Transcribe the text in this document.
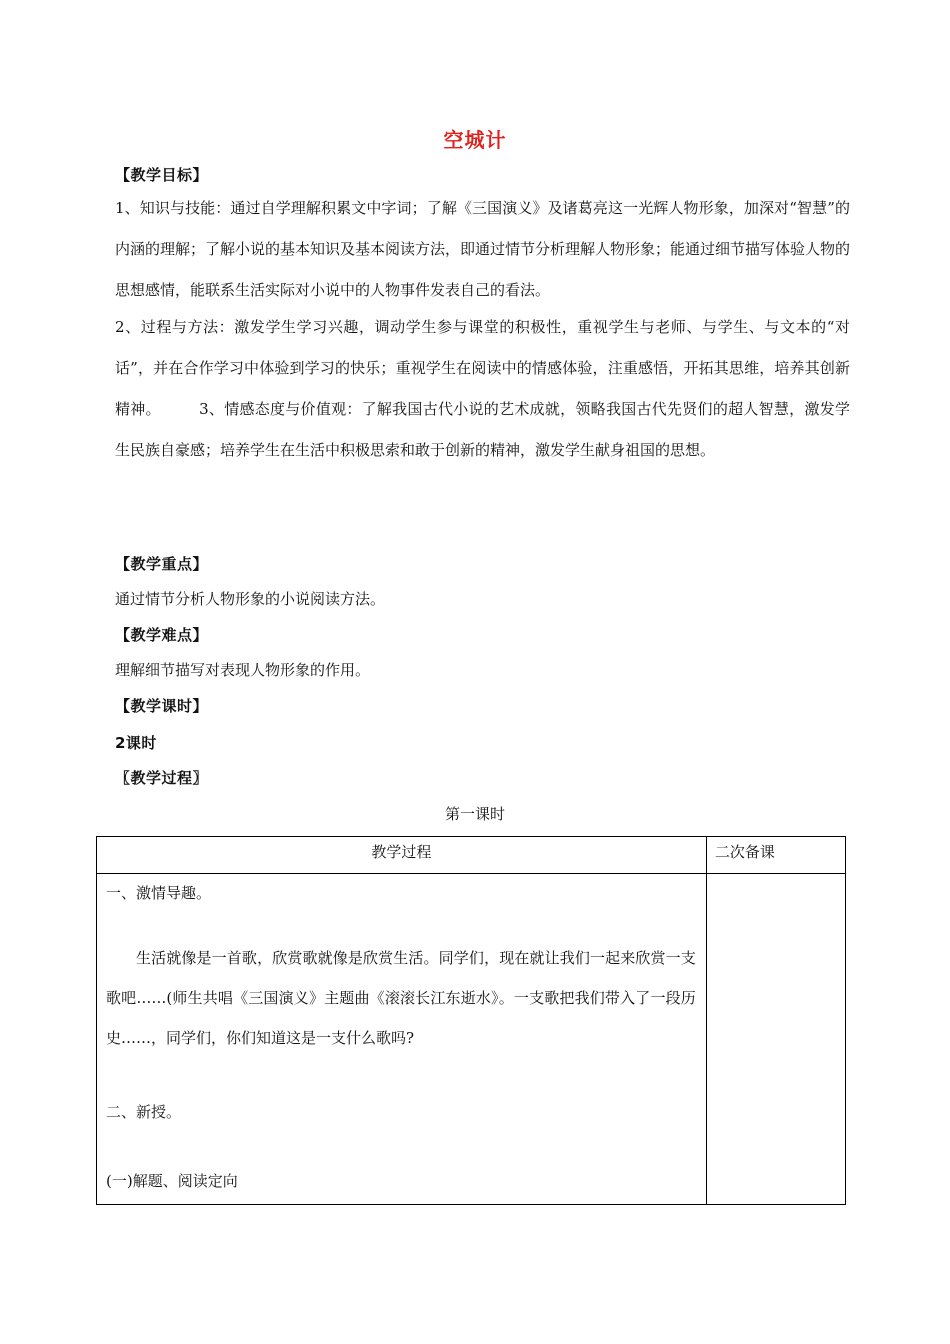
空城计
【教学目标】
1、知识与技能：通过自学理解积累文中字词；了解《三国演义》及诸葛亮这一光辉人物形象，加深对“智慧”的内涵的理解；了解小说的基本知识及基本阅读方法，即通过情节分析理解人物形象；能通过细节描写体验人物的思想感情，能联系生活实际对小说中的人物事件发表自己的看法。
2、过程与方法：激发学生学习兴趣，调动学生参与课堂的积极性，重视学生与老师、与学生、与文本的“对话”，并在合作学习中体验到学习的快乐；重视学生在阅读中的情感体验，注重感悟，开拓其思维，培养其创新精神。　　　3、情感态度与价值观：了解我国古代小说的艺术成就，领略我国古代先贤们的超人智慧，激发学生民族自豪感；培养学生在生活中积极思索和敢于创新的精神，激发学生献身祖国的思想。
【教学重点】
通过情节分析人物形象的小说阅读方法。
【教学难点】
理解细节描写对表现人物形象的作用。
【教学课时】
2课时
〖教学过程〗
第一课时
教学过程	二次备课

一、激情导趣。
生活就像是一首歌，欣赏歌就像是欣赏生活。同学们，现在就让我们一起来欣赏一支歌吧……(师生共唱《三国演义》主题曲《滚滚长江东逝水》。一支歌把我们带入了一段历史……，同学们，你们知道这是一支什么歌吗?
二、新授。
(一)解题、阅读定向	
